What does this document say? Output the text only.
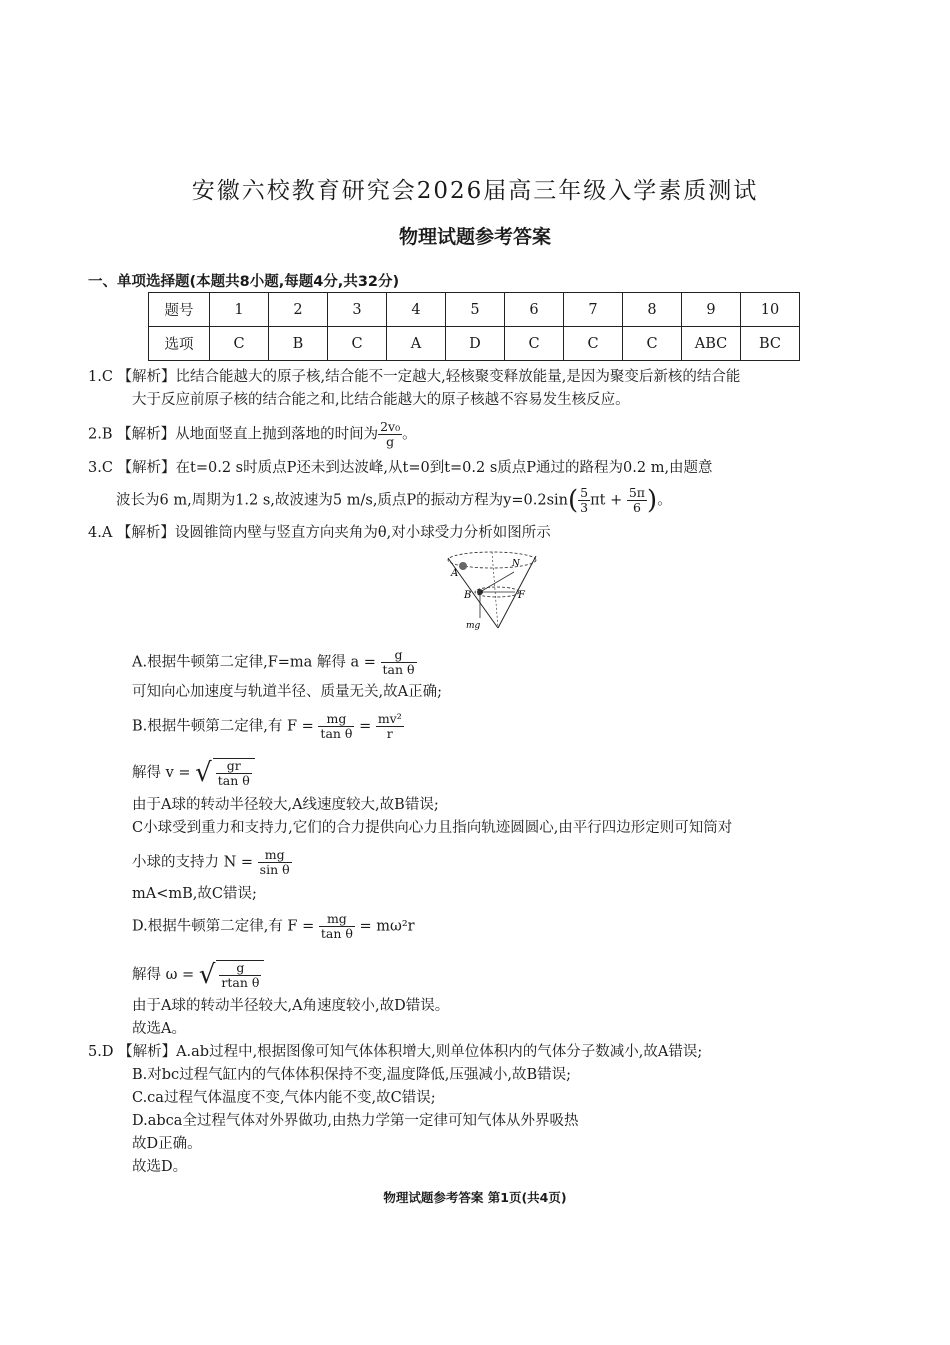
安徽六校教育研究会2026届高三年级入学素质测试
物理试题参考答案
一、单项选择题(本题共8小题,每题4分,共32分)
题号	1	2	3	4	5	6	7	8	9	10
选项	C	B	C	A	D	C	C	C	ABC	BC
1.C 【解析】比结合能越大的原子核,结合能不一定越大,轻核聚变释放能量,是因为聚变后新核的结合能
大于反应前原子核的结合能之和,比结合能越大的原子核越不容易发生核反应。
2.B 【解析】从地面竖直上抛到落地的时间为 $\frac{\text{2v₀}}{g}$ 。
3.C 【解析】在t=0.2 s时质点P还未到达波峰,从t=0到t=0.2 s质点P通过的路程为0.2 m,由题意
波长为6 m,周期为1.2 s,故波速为5 m/s,质点P的振动方程为$y=0.2\sin( \frac{5}{3}$ $\pi t + \frac{5\pi}{6}$ )。
4.A 【解析】设圆锥筒内壁与竖直方向夹角为θ,对小球受力分析如图所示
A
B
N
F
mg
A.根据牛顿第二定律,F=ma 解得 $a = \frac{g}{\text{tan θ}}$
可知向心加速度与轨道半径、质量无关,故A正确;
B.根据牛顿第二定律,有 $F = \frac{mg}{\text{tan θ}} = \frac{\text{mv²}}{r}$
解得 v = √ $\frac{gr}{\text{tan θ}}$
由于A球的转动半径较大,A线速度较大,故B错误;
C小球受到重力和支持力,它们的合力提供向心力且指向轨迹圆圆心,由平行四边形定则可知筒对
小球的支持力 $N = \frac{mg}{\text{sin θ}}$
mA<mB,故C错误;
D.根据牛顿第二定律,有 $F = \frac{mg}{\text{tan θ}} = m\omega^2r$
解得 ω = √ $\frac{g}{\text{rtan θ}}$
由于A球的转动半径较大,A角速度较小,故D错误。
故选A。
5.D 【解析】A.ab过程中,根据图像可知气体体积增大,则单位体积内的气体分子数减小,故A错误;
B.对bc过程气缸内的气体体积保持不变,温度降低,压强减小,故B错误;
C.ca过程气体温度不变,气体内能不变,故C错误;
D.abca全过程气体对外界做功,由热力学第一定律可知气体从外界吸热
故D正确。
故选D。
物理试题参考答案 第1页(共4页)
